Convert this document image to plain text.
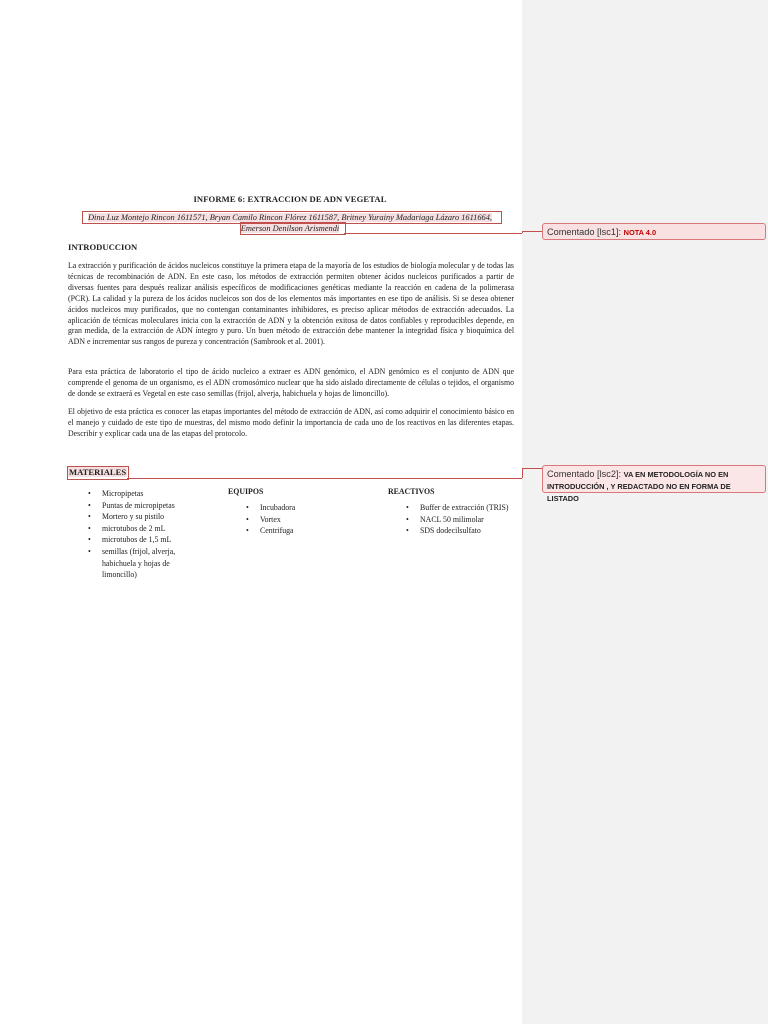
INFORME 6: EXTRACCION DE ADN VEGETAL
Dina Luz Montejo Rincon 1611571, Bryan Camilo Rincon Flórez 1611587, Britney Yurainy Madariaga Lázaro 1611664,
Emerson Denilson Arismendi
INTRODUCCION

La extracción y purificación de ácidos nucleicos constituye la primera etapa de la mayoría de los estudios de biología molecular y de todas las técnicas de recombinación de ADN. En este caso, los métodos de extracción permiten obtener ácidos nucleicos purificados a partir de diversas fuentes para después realizar análisis específicos de modificaciones genéticas mediante la reacción en cadena de la polimerasa (PCR). La calidad y la pureza de los ácidos nucleicos son dos de los elementos más importantes en ese tipo de análisis. Si se desea obtener ácidos nucleicos muy purificados, que no contengan contaminantes inhibidores, es preciso aplicar métodos de extracción adecuados. La aplicación de técnicas moleculares inicia con la extracción de ADN y la obtención exitosa de datos confiables y reproducibles depende, en gran medida, de la extracción de ADN íntegro y puro. Un buen método de extracción debe mantener la integridad física y bioquímica del ADN e incrementar sus rangos de pureza y concentración (Sambrook et al. 2001).

Para esta práctica de laboratorio el tipo de ácido nucleico a extraer es ADN genómico, el ADN genómico es el conjunto de ADN que comprende el genoma de un organismo, es el ADN cromosómico nuclear que ha sido aislado directamente de células o tejidos, el organismo de donde se extraerá es Vegetal en este caso semillas (frijol, alverja, habichuela y hojas de limoncillo).

El objetivo de esta práctica es conocer las etapas importantes del método de extracción de ADN, así como adquirir el conocimiento básico en el manejo y cuidado de este tipo de muestras, del mismo modo definir la importancia de cada uno de los reactivos en las diferentes etapas. Describir y explicar cada una de las etapas del protocolo.

MATERIALES
• Micropipetas
• Puntas de micropipetas
• Mortero y su pistilo
• microtubos de 2 mL
• microtubos de 1,5 mL
• semillas (frijol, alverja, habichuela y hojas de limoncillo)
EQUIPOS
• Incubadora
• Vortex
• Centrifuga
REACTIVOS
• Buffer de extracción (TRIS)
• NACL 50 milimolar
• SDS dodecilsulfato
Comentado [lsc1]: NOTA 4.0
Comentado [lsc2]: VA EN METODOLOGÍA NO EN
INTRODUCCIÓN , Y REDACTADO NO EN FORMA DE LISTADO
